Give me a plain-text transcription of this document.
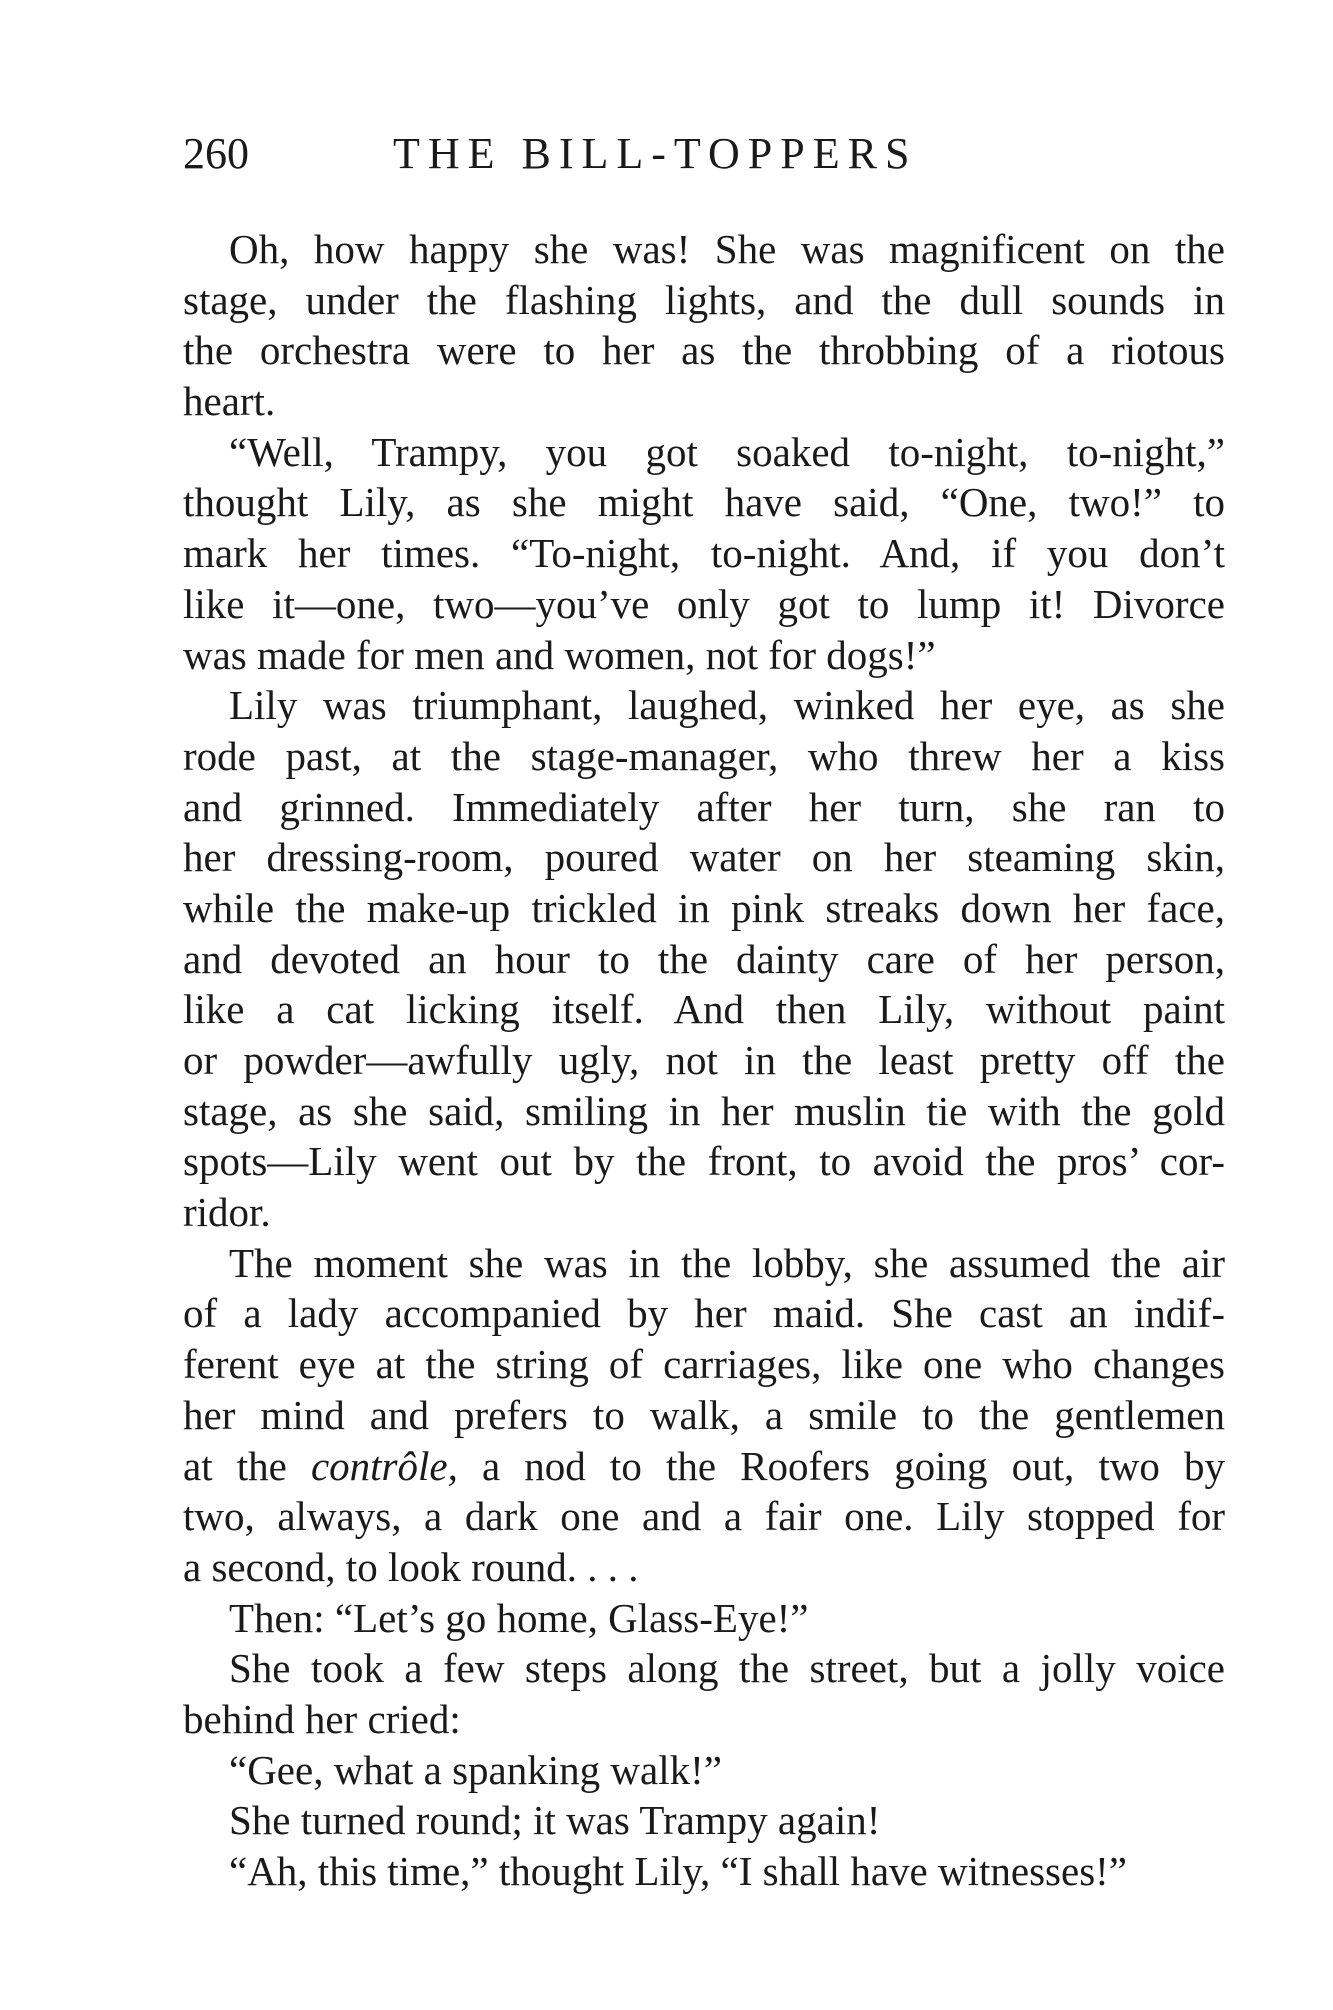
260	THE BILL-TOPPERS
Oh, how happy she was! She was magnificent on the
stage, under the flashing lights, and the dull sounds in
the orchestra were to her as the throbbing of a riotous
heart.
“Well, Trampy, you got soaked to-night, to-night,”
thought Lily, as she might have said, “One, two!” to
mark her times. “To-night, to-night. And, if you don’t
like it—one, two—you’ve only got to lump it! Divorce
was made for men and women, not for dogs!”
Lily was triumphant, laughed, winked her eye, as she
rode past, at the stage-manager, who threw her a kiss
and grinned. Immediately after her turn, she ran to
her dressing-room, poured water on her steaming skin,
while the make-up trickled in pink streaks down her face,
and devoted an hour to the dainty care of her person,
like a cat licking itself. And then Lily, without paint
or powder—awfully ugly, not in the least pretty off the
stage, as she said, smiling in her muslin tie with the gold
spots—Lily went out by the front, to avoid the pros’ cor-
ridor.
The moment she was in the lobby, she assumed the air
of a lady accompanied by her maid. She cast an indif-
ferent eye at the string of carriages, like one who changes
her mind and prefers to walk, a smile to the gentlemen
at the contrôle, a nod to the Roofers going out, two by
two, always, a dark one and a fair one. Lily stopped for
a second, to look round. . . .
Then: “Let’s go home, Glass-Eye!”
She took a few steps along the street, but a jolly voice
behind her cried:
“Gee, what a spanking walk!”
She turned round; it was Trampy again!
“Ah, this time,” thought Lily, “I shall have witnesses!”
